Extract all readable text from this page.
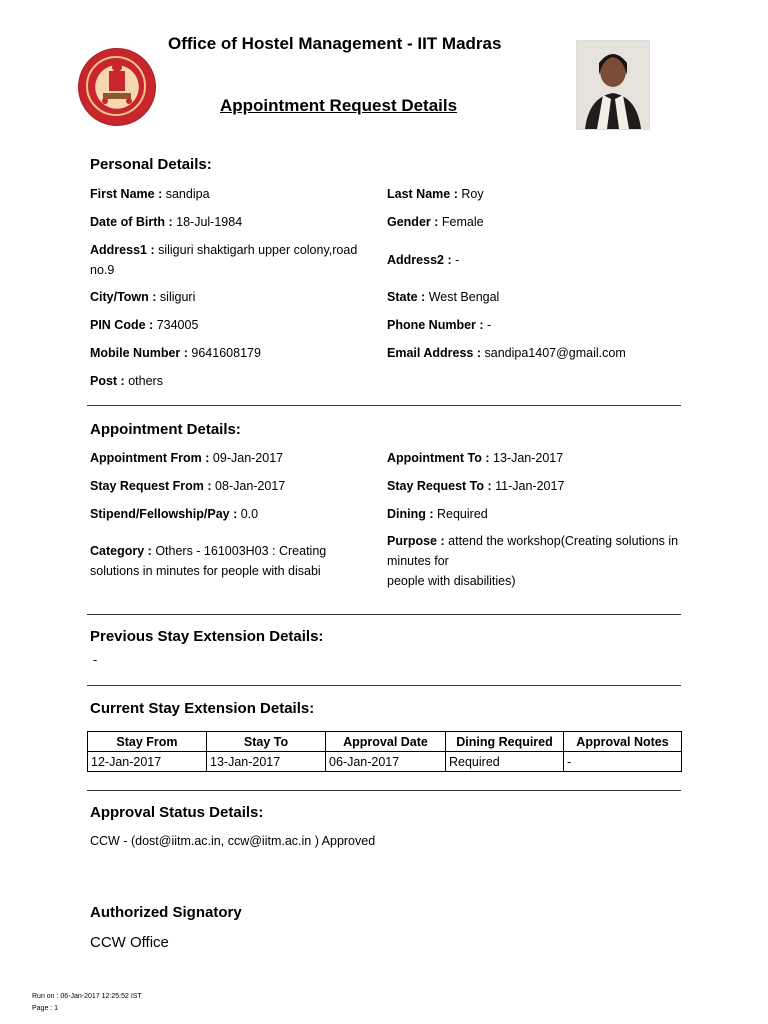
Office of Hostel Management - IIT Madras
Appointment Request Details
Personal Details:
First Name : sandipa	Last Name : Roy
Date of Birth : 18-Jul-1984	Gender : Female
Address1 : siliguri shaktigarh upper colony,road no.9
Address2 : -
City/Town : siliguri	State : West Bengal
PIN Code : 734005	Phone Number : -
Mobile Number : 9641608179	Email Address : sandipa1407@gmail.com
Post : others
Appointment Details:
Appointment From : 09-Jan-2017	Appointment To : 13-Jan-2017
Stay Request From : 08-Jan-2017	Stay Request To : 11-Jan-2017
Stipend/Fellowship/Pay : 0.0	Dining : Required
Category : Others - 161003H03 : Creating solutions in minutes for people with disabi
Purpose : attend the workshop(Creating solutions in minutes for
people with disabilities)
Previous Stay Extension Details:
-
Current Stay Extension Details:
Stay From	Stay To	Approval Date	Dining Required	Approval Notes
12-Jan-2017	13-Jan-2017	06-Jan-2017	Required	-
Approval Status Details:
CCW - (dost@iitm.ac.in, ccw@iitm.ac.in ) Approved
Authorized Signatory
CCW Office
Run on : 06-Jan-2017 12:25:52 IST
Page : 1
